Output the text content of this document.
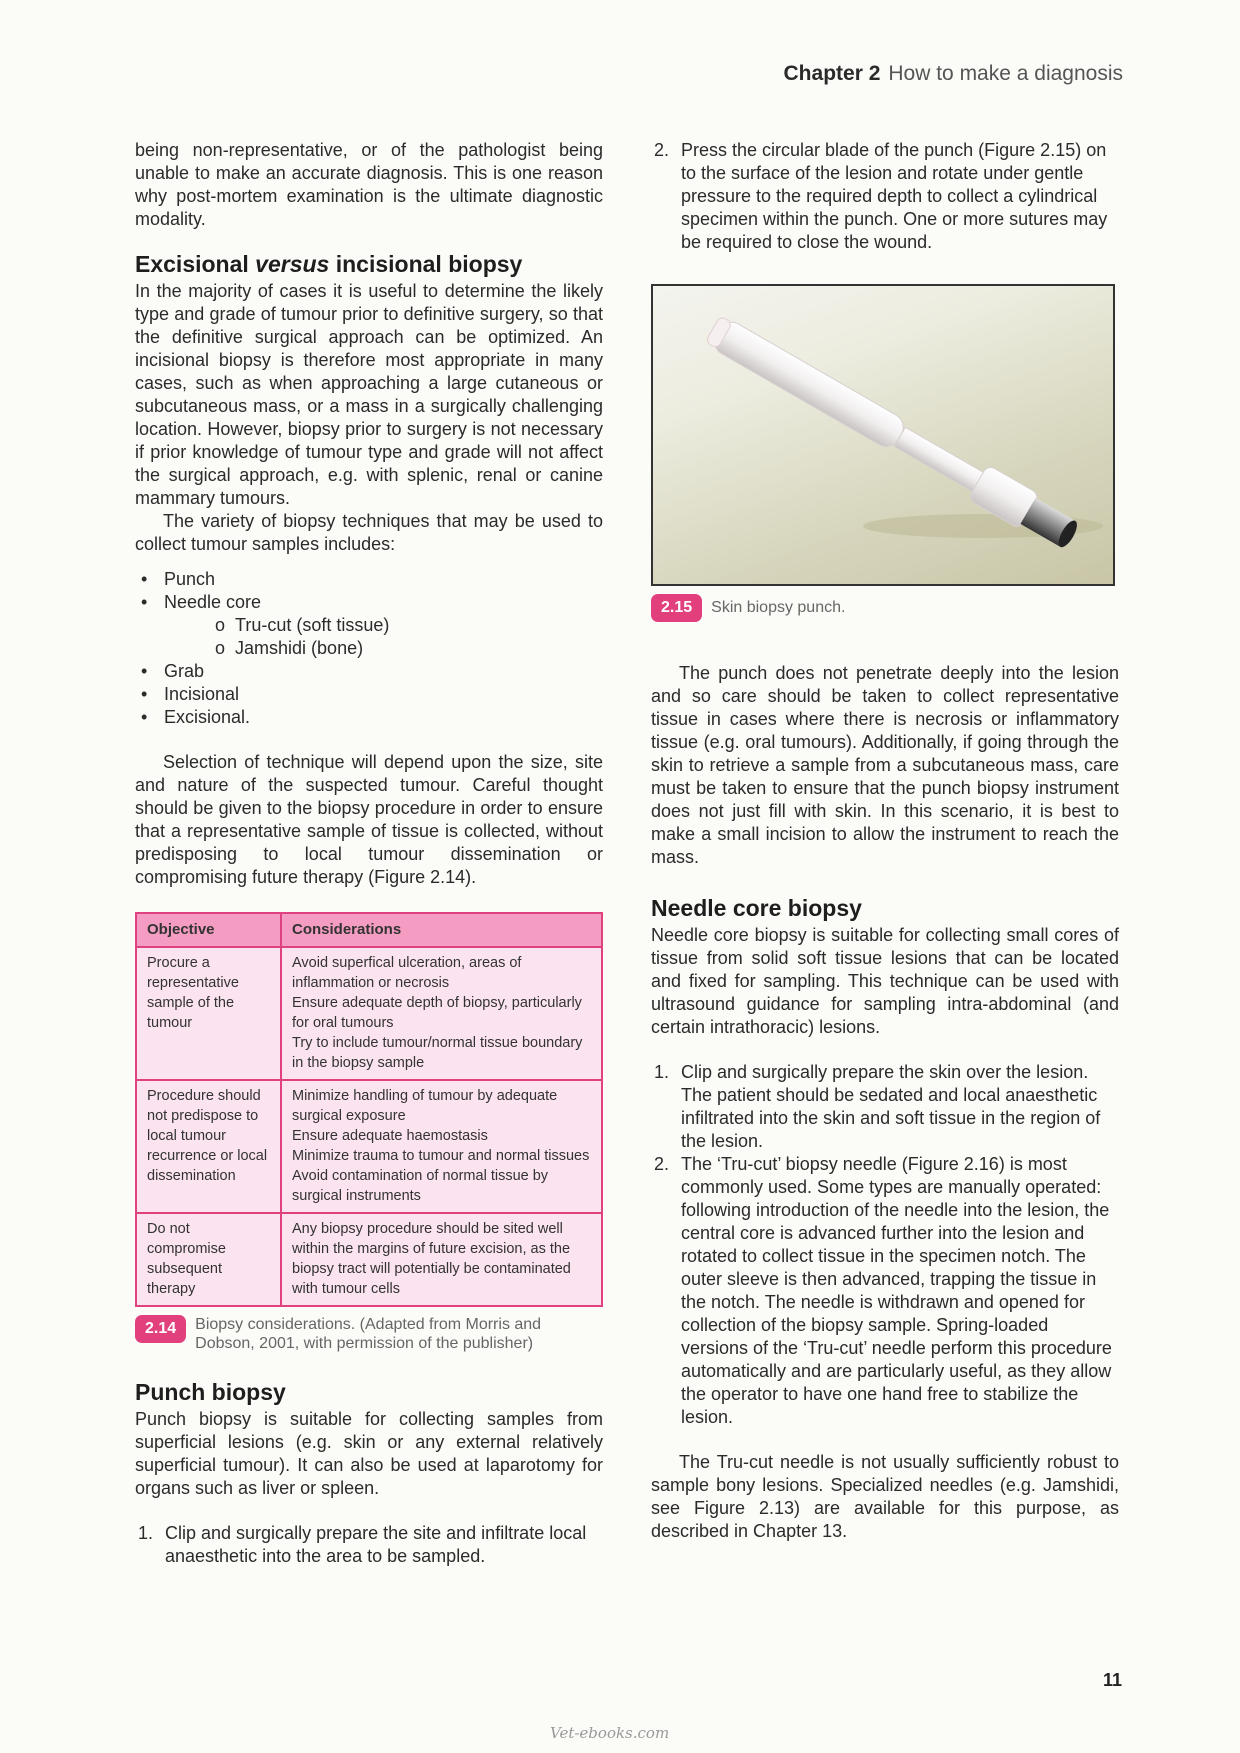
Chapter 2 How to make a diagnosis

being non-representative, or of the pathologist being unable to make an accurate diagnosis. This is one reason why post-mortem examination is the ultimate diagnostic modality.

Excisional versus incisional biopsy

In the majority of cases it is useful to determine the likely type and grade of tumour prior to definitive surgery, so that the definitive surgical approach can be optimized. An incisional biopsy is therefore most appropriate in many cases, such as when approaching a large cutaneous or subcutaneous mass, or a mass in a surgically challenging location. However, biopsy prior to surgery is not necessary if prior knowledge of tumour type and grade will not affect the surgical approach, e.g. with splenic, renal or canine mammary tumours.

The variety of biopsy techniques that may be used to collect tumour samples includes:

• Punch
• Needle core
o Tru-cut (soft tissue)
o Jamshidi (bone)
• Grab
• Incisional
• Excisional.

Selection of technique will depend upon the size, site and nature of the suspected tumour. Careful thought should be given to the biopsy procedure in order to ensure that a representative sample of tissue is collected, without predisposing to local tumour dissemination or compromising future therapy (Figure 2.14).

Objective	Considerations
Procure a representative sample of the tumour	Avoid superfical ulceration, areas of inflammation or necrosis
Ensure adequate depth of biopsy, particularly for oral tumours
Try to include tumour/normal tissue boundary in the biopsy sample

Procedure should not predispose to local tumour recurrence or local dissemination	Minimize handling of tumour by adequate surgical exposure
Ensure adequate haemostasis
Minimize trauma to tumour and normal tissues
Avoid contamination of normal tissue by surgical instruments

Do not compromise subsequent therapy	Any biopsy procedure should be sited well within the margins of future excision, as the biopsy tract will potentially be contaminated with tumour cells
2.14	Biopsy considerations. (Adapted from Morris and Dobson, 2001, with permission of the publisher)
Punch biopsy

Punch biopsy is suitable for collecting samples from superficial lesions (e.g. skin or any external relatively superficial tumour). It can also be used at laparotomy for organs such as liver or spleen.

1. Clip and surgically prepare the site and infiltrate local anaesthetic into the area to be sampled.
2. Press the circular blade of the punch (Figure 2.15) on to the surface of the lesion and rotate under gentle pressure to the required depth to collect a cylindrical specimen within the punch. One or more sutures may be required to close the wound.
2.15	Skin biopsy punch.

The punch does not penetrate deeply into the lesion and so care should be taken to collect representative tissue in cases where there is necrosis or inflammatory tissue (e.g. oral tumours). Additionally, if going through the skin to retrieve a sample from a subcutaneous mass, care must be taken to ensure that the punch biopsy instrument does not just fill with skin. In this scenario, it is best to make a small incision to allow the instrument to reach the mass.

Needle core biopsy

Needle core biopsy is suitable for collecting small cores of tissue from solid soft tissue lesions that can be located and fixed for sampling. This technique can be used with ultrasound guidance for sampling intra-abdominal (and certain intrathoracic) lesions.

1. Clip and surgically prepare the skin over the lesion. The patient should be sedated and local anaesthetic infiltrated into the skin and soft tissue in the region of the lesion.
2. The ‘Tru-cut’ biopsy needle (Figure 2.16) is most commonly used. Some types are manually operated: following introduction of the needle into the lesion, the central core is advanced further into the lesion and rotated to collect tissue in the specimen notch. The outer sleeve is then advanced, trapping the tissue in the notch. The needle is withdrawn and opened for collection of the biopsy sample. Spring-loaded versions of the ‘Tru-cut’ needle perform this procedure automatically and are particularly useful, as they allow the operator to have one hand free to stabilize the lesion.

The Tru-cut needle is not usually sufficiently robust to sample bony lesions. Specialized needles (e.g. Jamshidi, see Figure 2.13) are available for this purpose, as described in Chapter 13.

11
Vet-ebooks.com
